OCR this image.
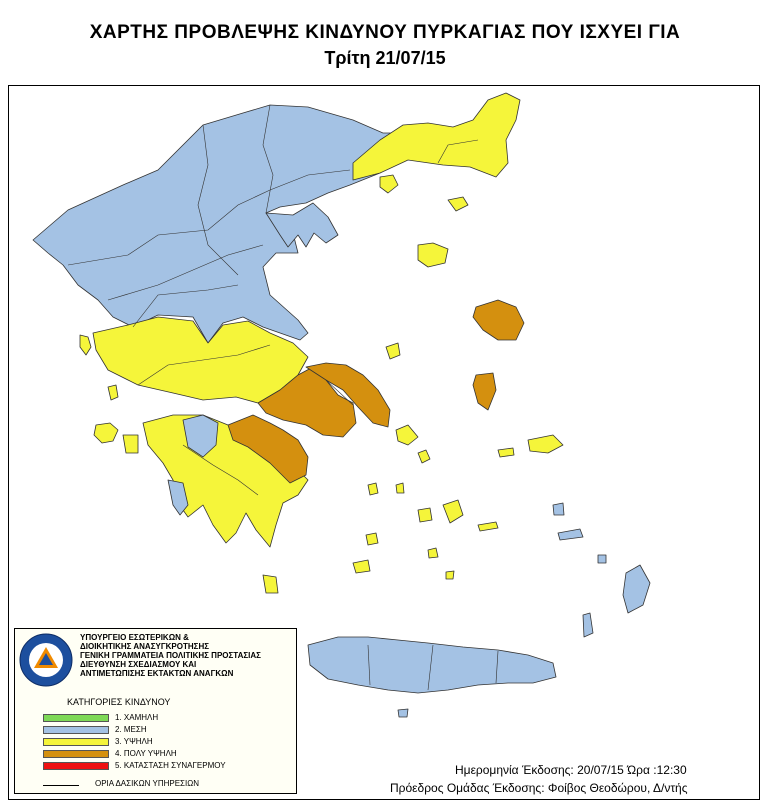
ΧΑΡΤΗΣ ΠΡΟΒΛΕΨΗΣ ΚΙΝΔΥΝΟΥ ΠΥΡΚΑΓΙΑΣ ΠΟΥ ΙΣΧΥΕΙ ΓΙΑ
Τρίτη 21/07/15
ΥΠΟΥΡΓΕΙΟ ΕΣΩΤΕΡΙΚΩΝ &
ΔΙΟΙΚΗΤΙΚΗΣ ΑΝΑΣΥΓΚΡΟΤΗΣΗΣ
ΓΕΝΙΚΗ ΓΡΑΜΜΑΤΕΙΑ ΠΟΛΙΤΙΚΗΣ ΠΡΟΣΤΑΣΙΑΣ
ΔΙΕΥΘΥΝΣΗ ΣΧΕΔΙΑΣΜΟΥ ΚΑΙ
ΑΝΤΙΜΕΤΩΠΙΣΗΣ ΕΚΤΑΚΤΩΝ ΑΝΑΓΚΩΝ
ΚΑΤΗΓΟΡΙΕΣ ΚΙΝΔΥΝΟΥ
1. ΧΑΜΗΛΗ
2. ΜΕΣΗ
3. ΥΨΗΛΗ
4. ΠΟΛΥ ΥΨΗΛΗ
5. ΚΑΤΑΣΤΑΣΗ ΣΥΝΑΓΕΡΜΟΥ
ΟΡΙΑ ΔΑΣΙΚΩΝ ΥΠΗΡΕΣΙΩΝ
Ημερομηνία Έκδοσης: 20/07/15 Ώρα :12:30
Πρόεδρος Ομάδας Έκδοσης: Φοίβος Θεοδώρου, Δ/ντής
